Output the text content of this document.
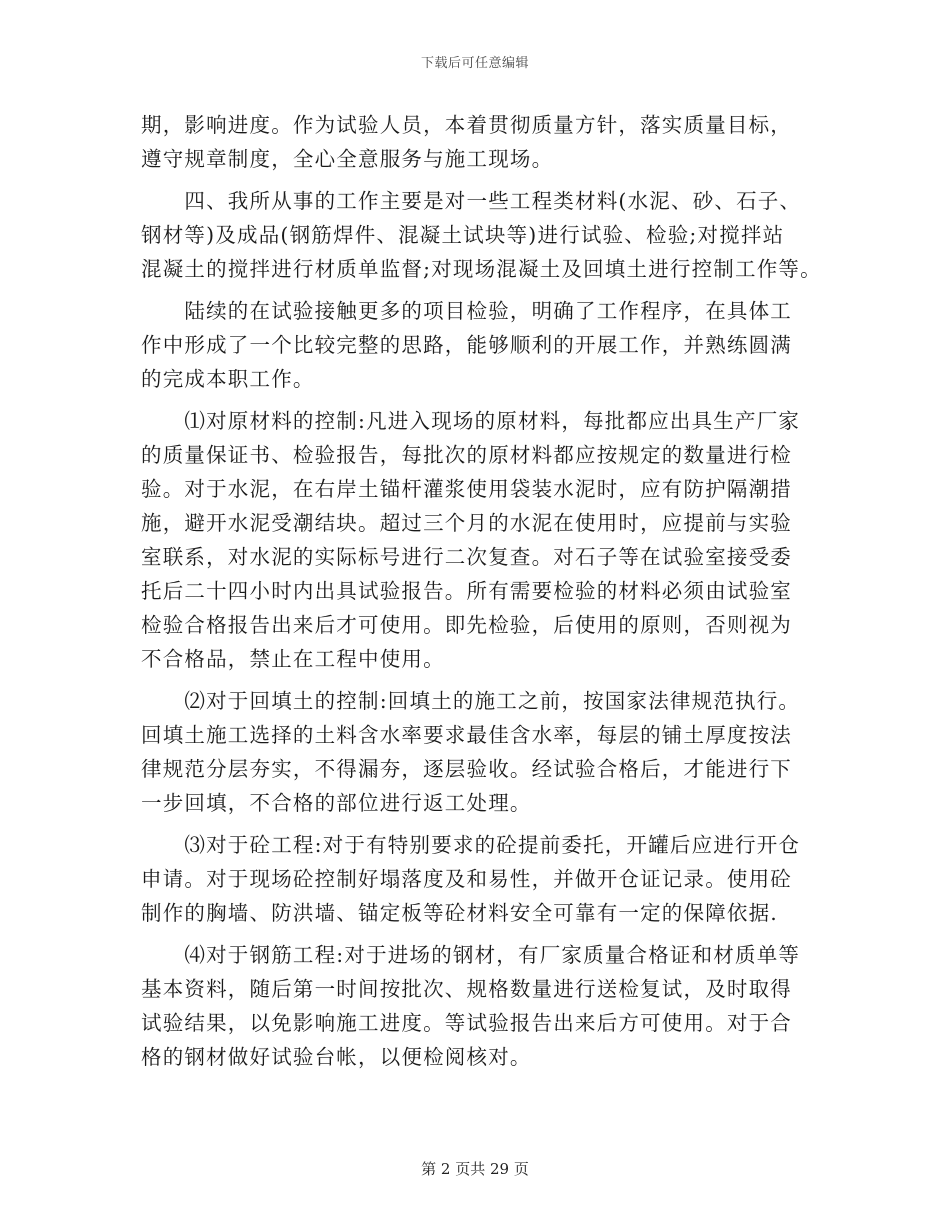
下载后可任意编辑
期，影响进度。作为试验人员，本着贯彻质量方针，落实质量目标，
遵守规章制度，全心全意服务与施工现场。
　　四、我所从事的工作主要是对一些工程类材料(水泥、砂、石子、
钢材等)及成品(钢筋焊件、混凝土试块等)进行试验、检验;对搅拌站
混凝土的搅拌进行材质单监督;对现场混凝土及回填土进行控制工作等。
　　陆续的在试验接触更多的项目检验，明确了工作程序，在具体工
作中形成了一个比较完整的思路，能够顺利的开展工作，并熟练圆满
的完成本职工作。
　　⑴对原材料的控制:凡进入现场的原材料，每批都应出具生产厂家
的质量保证书、检验报告，每批次的原材料都应按规定的数量进行检
验。对于水泥，在右岸土锚杆灌浆使用袋装水泥时，应有防护隔潮措
施，避开水泥受潮结块。超过三个月的水泥在使用时，应提前与实验
室联系，对水泥的实际标号进行二次复查。对石子等在试验室接受委
托后二十四小时内出具试验报告。所有需要检验的材料必须由试验室
检验合格报告出来后才可使用。即先检验，后使用的原则，否则视为
不合格品，禁止在工程中使用。
　　⑵对于回填土的控制:回填土的施工之前，按国家法律规范执行。
回填土施工选择的土料含水率要求最佳含水率，每层的铺土厚度按法
律规范分层夯实，不得漏夯，逐层验收。经试验合格后，才能进行下
一步回填，不合格的部位进行返工处理。
　　⑶对于砼工程:对于有特别要求的砼提前委托，开罐后应进行开仓
申请。对于现场砼控制好塌落度及和易性，并做开仓证记录。使用砼
制作的胸墙、防洪墙、锚定板等砼材料安全可靠有一定的保障依据.
　　⑷对于钢筋工程:对于进场的钢材，有厂家质量合格证和材质单等
基本资料，随后第一时间按批次、规格数量进行送检复试，及时取得
试验结果，以免影响施工进度。等试验报告出来后方可使用。对于合
格的钢材做好试验台帐，以便检阅核对。
第 2 页共 29 页
